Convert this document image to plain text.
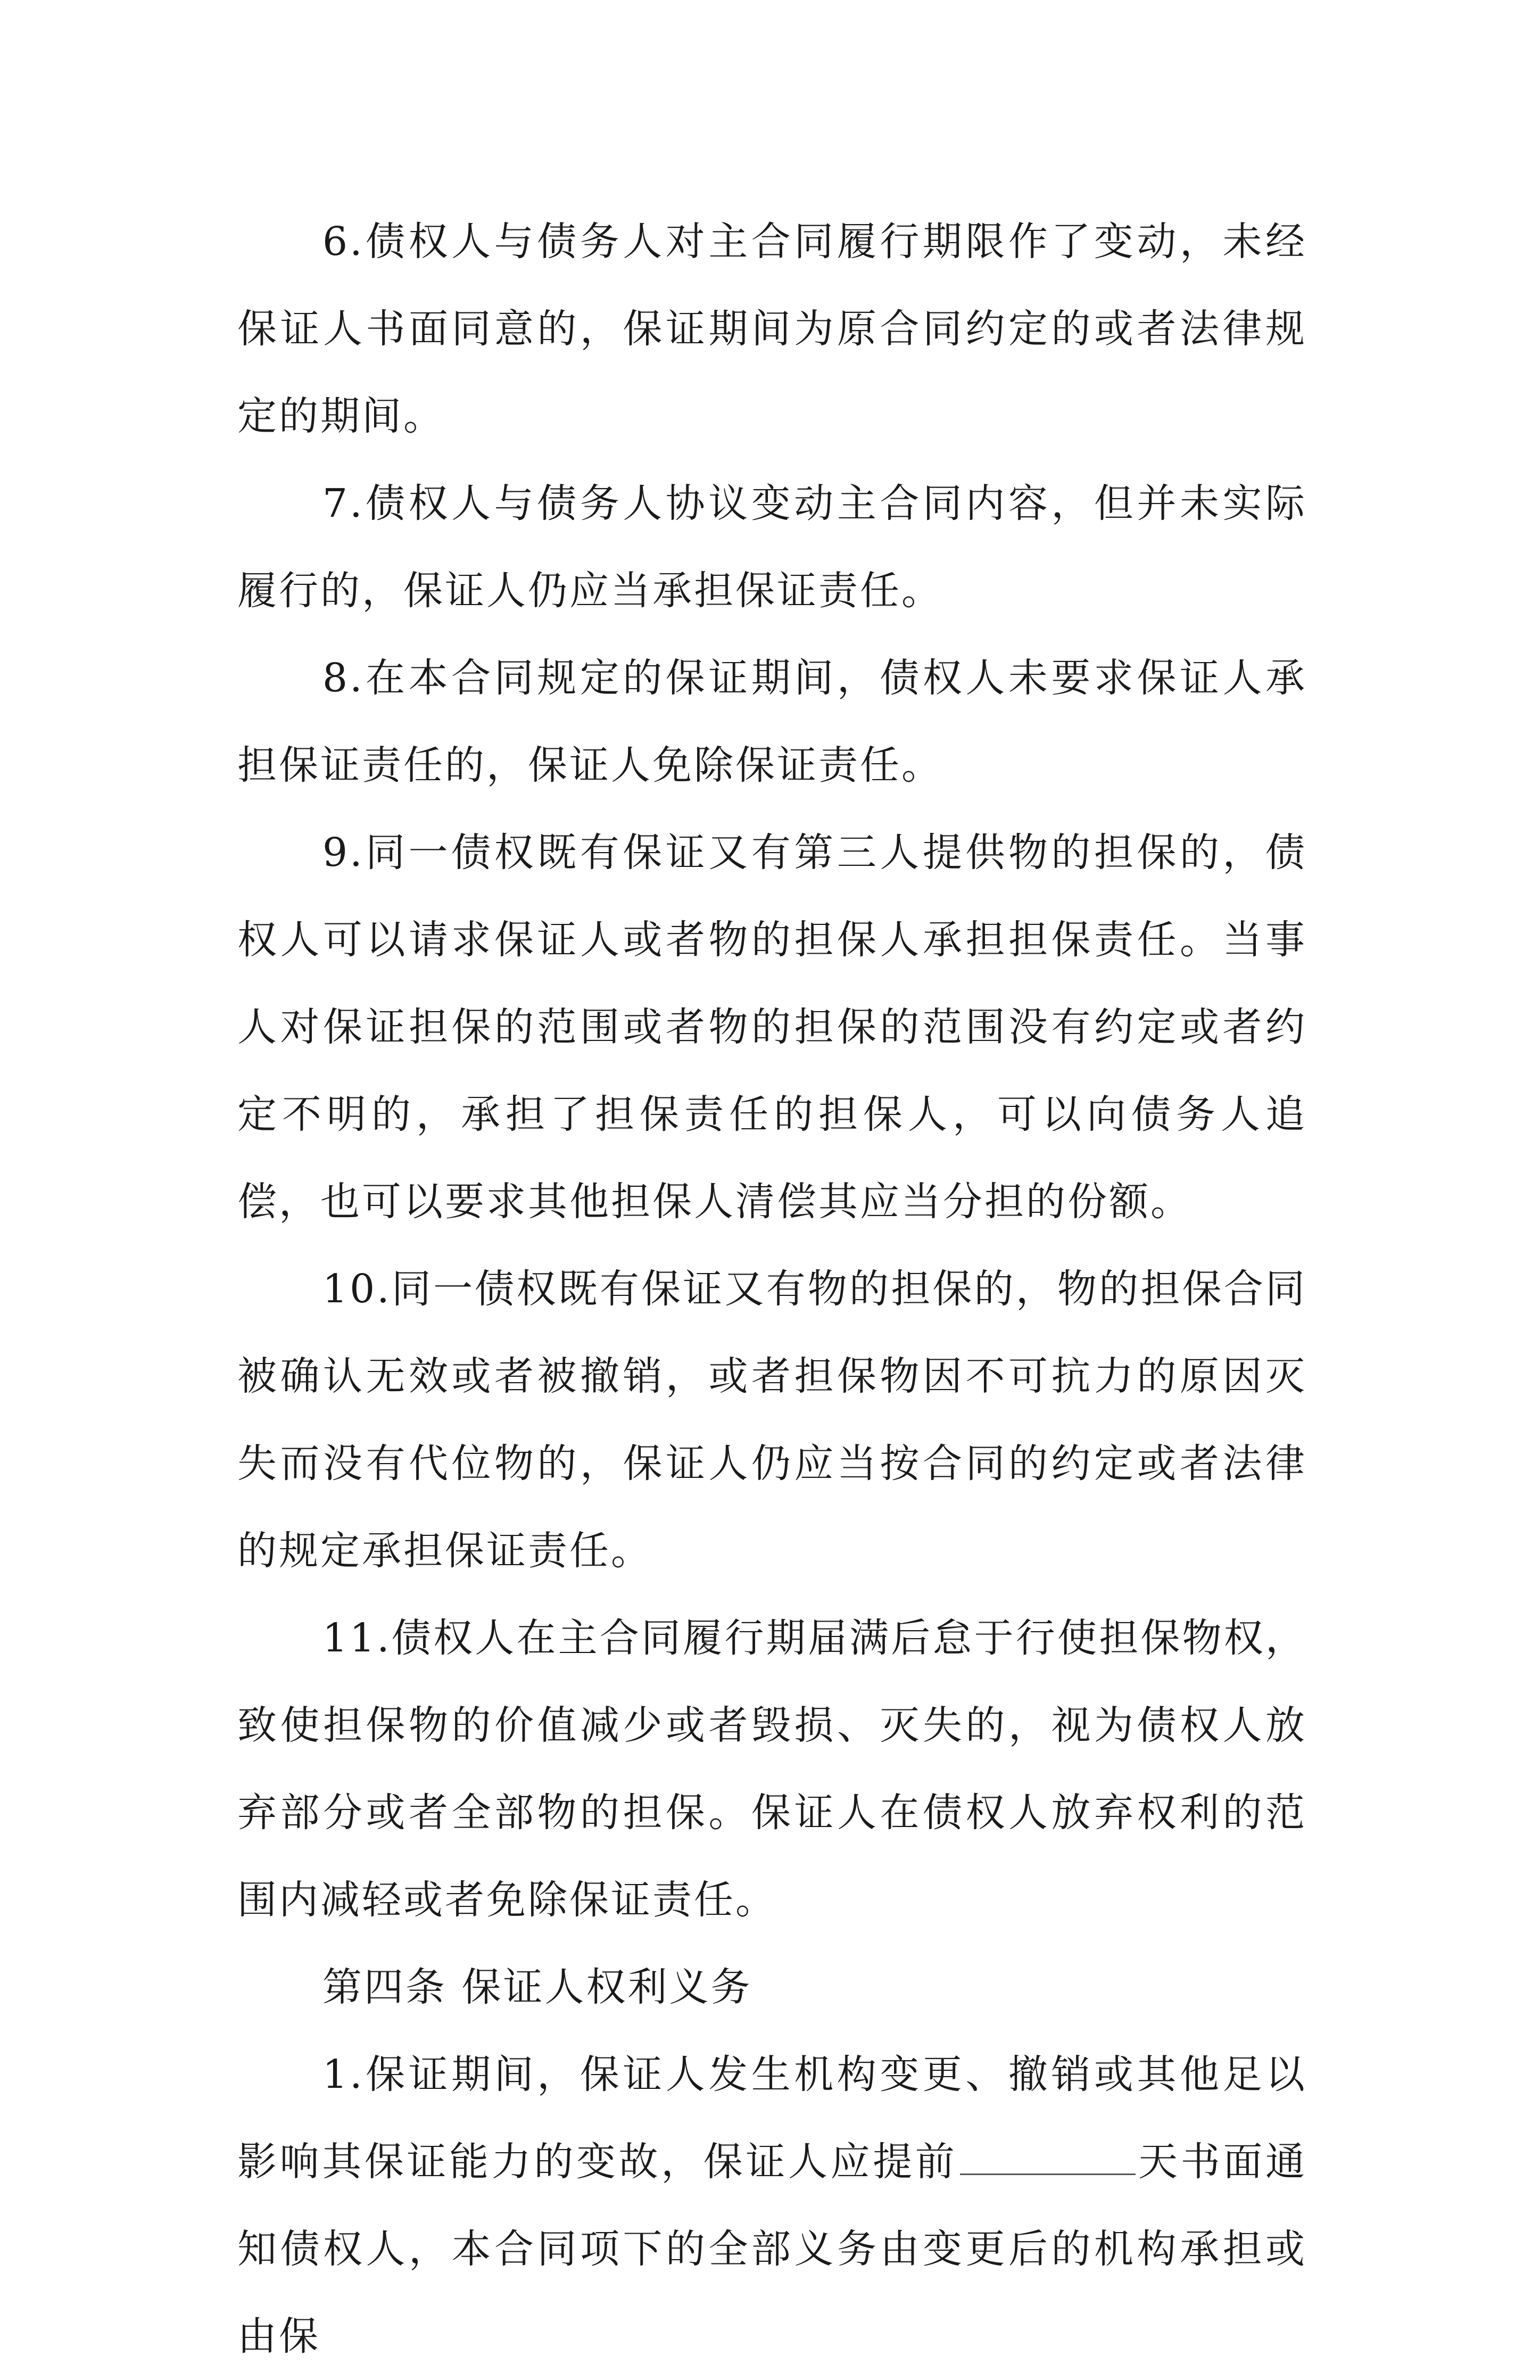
6.债权人与债务人对主合同履行期限作了变动，未经保证人书面同意的，保证期间为原合同约定的或者法律规定的期间。

7.债权人与债务人协议变动主合同内容，但并未实际履行的，保证人仍应当承担保证责任。

8.在本合同规定的保证期间，债权人未要求保证人承担保证责任的，保证人免除保证责任。

9.同一债权既有保证又有第三人提供物的担保的，债权人可以请求保证人或者物的担保人承担担保责任。当事人对保证担保的范围或者物的担保的范围没有约定或者约定不明的，承担了担保责任的担保人，可以向债务人追偿，也可以要求其他担保人清偿其应当分担的份额。

10.同一债权既有保证又有物的担保的，物的担保合同被确认无效或者被撤销，或者担保物因不可抗力的原因灭失而没有代位物的，保证人仍应当按合同的约定或者法律的规定承担保证责任。

11.债权人在主合同履行期届满后怠于行使担保物权，致使担保物的价值减少或者毁损、灭失的，视为债权人放弃部分或者全部物的担保。保证人在债权人放弃权利的范围内减轻或者免除保证责任。

第四条 保证人权利义务

1.保证期间，保证人发生机构变更、撤销或其他足以影响其保证能力的变故，保证人应提前	天书面通知债权人，本合同项下的全部义务由变更后的机构承担或由保
